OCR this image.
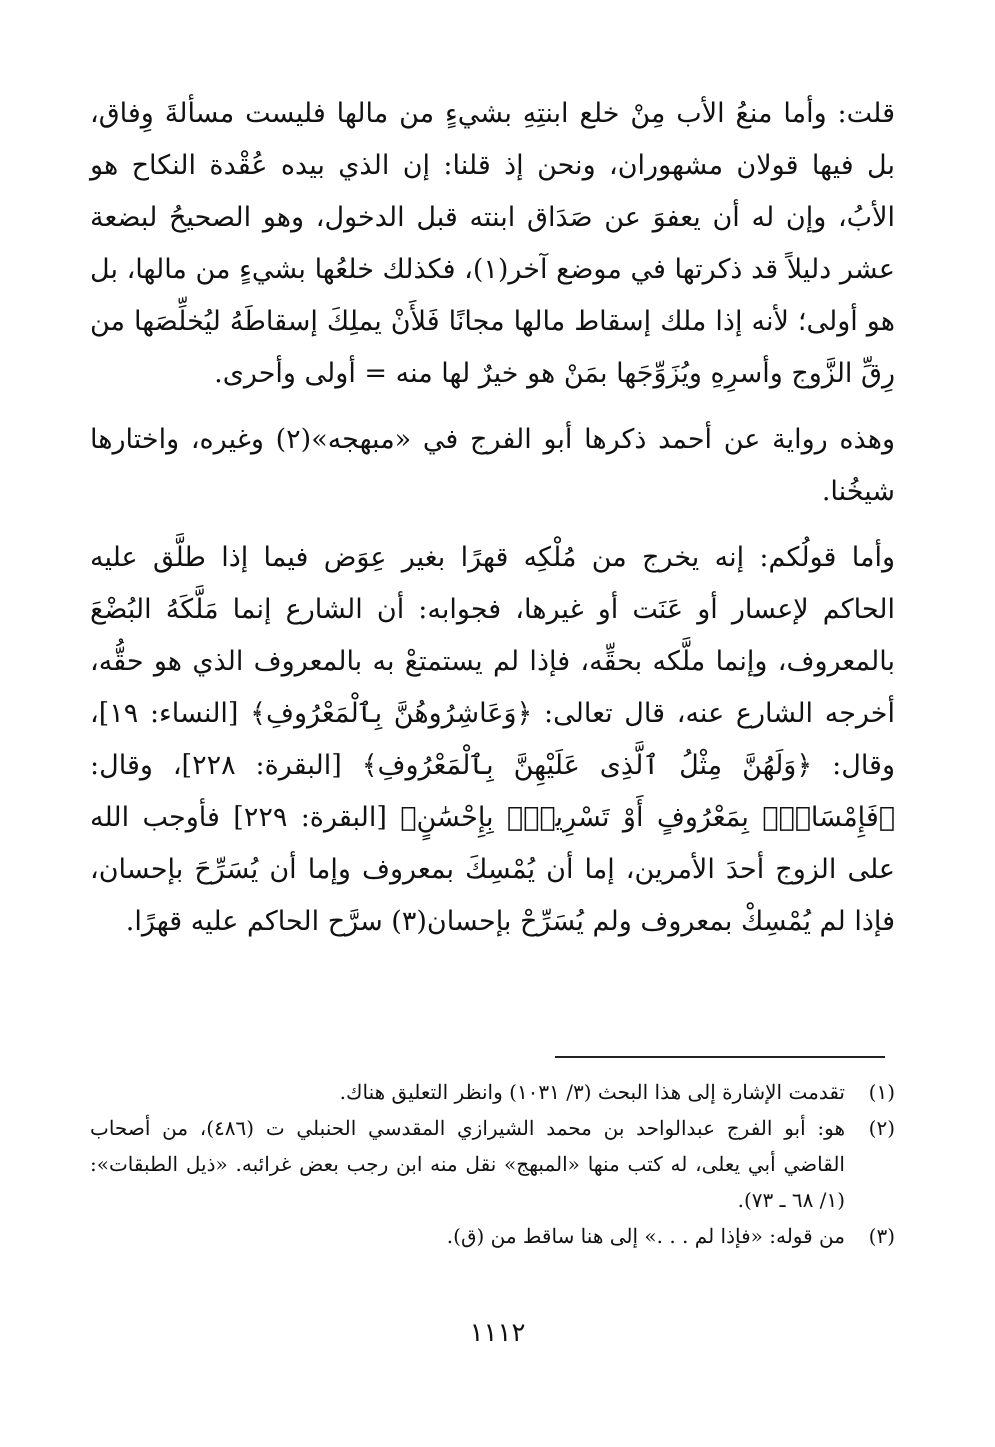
قلت: وأما منعُ الأب مِنْ خلع ابنتِهِ بشيءٍ من مالها فليست مسألةَ وِفاق، بل فيها قولان مشهوران، ونحن إذ قلنا: إن الذي بيده عُقْدة النكاح هو الأبُ، وإن له أن يعفوَ عن صَدَاق ابنته قبل الدخول، وهو الصحيحُ لبضعة عشر دليلاً قد ذكرتها في موضع آخر(١)، فكذلك خلعُها بشيءٍ من مالها، بل هو أولى؛ لأنه إذا ملك إسقاط مالها مجانًا فَلأَنْ يملِكَ إسقاطَهُ ليُخلِّصَها من رِقِّ الزَّوج وأسرِهِ ويُزَوِّجَها بمَنْ هو خيرٌ لها منه = أولى وأحرى.

وهذه رواية عن أحمد ذكرها أبو الفرج في «مبهجه»(٢) وغيره، واختارها شيخُنا.

وأما قولُكم: إنه يخرج من مُلْكِه قهرًا بغير عِوَض فيما إذا طلَّق عليه الحاكم لإعسار أو عَنَت أو غيرها، فجوابه: أن الشارع إنما مَلَّكَهُ البُضْعَ بالمعروف، وإنما ملَّكه بحقِّه، فإذا لم يستمتعْ به بالمعروف الذي هو حقُّه، أخرجه الشارع عنه، قال تعالى: ﴿وَعَاشِرُوهُنَّ بِٱلْمَعْرُوفِ﴾ [النساء: ١٩]، وقال: ﴿وَلَهُنَّ مِثْلُ ٱلَّذِى عَلَيْهِنَّ بِٱلْمَعْرُوفِ﴾ [البقرة: ٢٢٨]، وقال: ﴿فَإِمْسَاكُۢ بِمَعْرُوفٍ أَوْ تَسْرِيحُۢ بِإِحْسَٰنٍ﴾ [البقرة: ٢٢٩] فأوجب الله على الزوج أحدَ الأمرين، إما أن يُمْسِكَ بمعروف وإما أن يُسَرِّحَ بإحسان، فإذا لم يُمْسِكْ بمعروف ولم يُسَرِّحْ بإحسان(٣) سرَّح الحاكم عليه قهرًا.

(١)
تقدمت الإشارة إلى هذا البحث (٣/ ١٠٣١) وانظر التعليق هناك.
(٢)
هو: أبو الفرج عبدالواحد بن محمد الشيرازي المقدسي الحنبلي ت (٤٨٦)، من أصحاب القاضي أبي يعلى، له كتب منها «المبهج» نقل منه ابن رجب بعض غرائبه. «ذيل الطبقات»: (١/ ٦٨ ـ ٧٣).
(٣)
من قوله: «فإذا لم . . .» إلى هنا ساقط من (ق).
١١١٢
